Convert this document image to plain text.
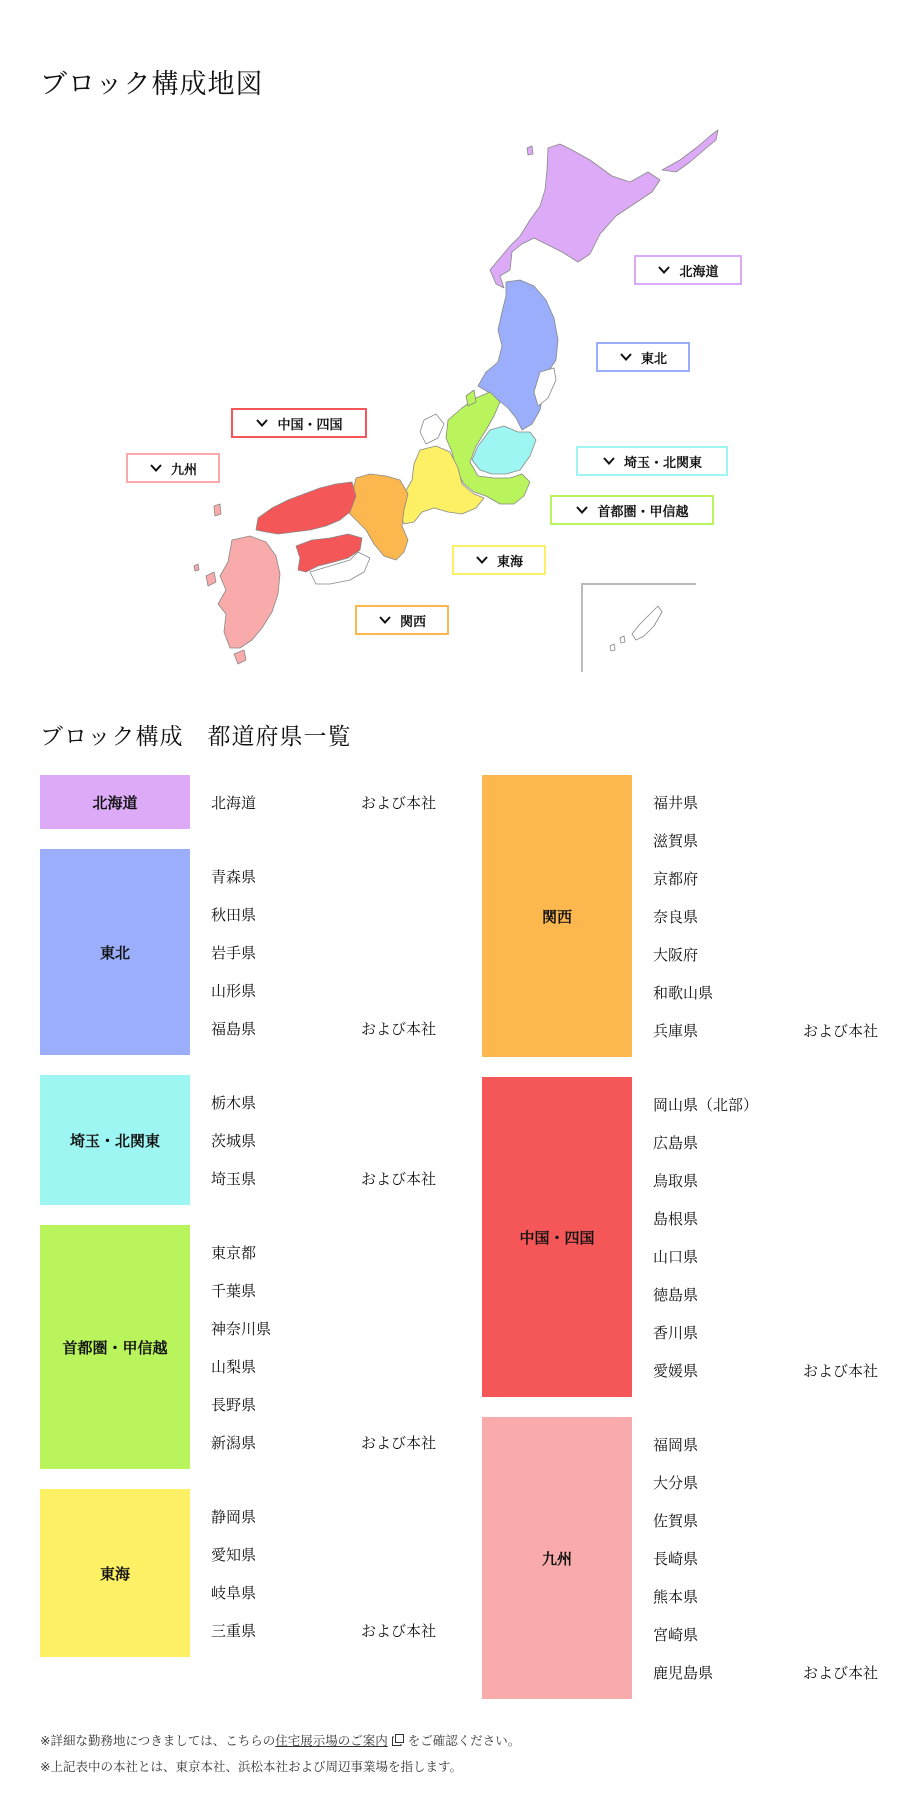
ブロック構成地図
北海道
東北
中国・四国
九州	埼玉・北関東
首都圏・甲信越
東海
関西
ブロック構成　都道府県一覧
北海道	北海道	および本社
東北
青森県
秋田県
岩手県
山形県
福島県	および本社
埼玉・北関東
栃木県
茨城県
埼玉県	および本社
首都圏・甲信越
東京都
千葉県
神奈川県
山梨県
長野県
新潟県	および本社
東海
静岡県
愛知県
岐阜県
三重県	および本社
関西
福井県
滋賀県
京都府
奈良県
大阪府
和歌山県
兵庫県	および本社
中国・四国
岡山県（北部）
広島県
鳥取県
島根県
山口県
徳島県
香川県
愛媛県	および本社
九州
福岡県
大分県
佐賀県
長崎県
熊本県
宮崎県
鹿児島県	および本社

※詳細な勤務地につきましては、こちらの住宅展示場のご案内 をご確認ください。

※上記表中の本社とは、東京本社、浜松本社および周辺事業場を指します。
